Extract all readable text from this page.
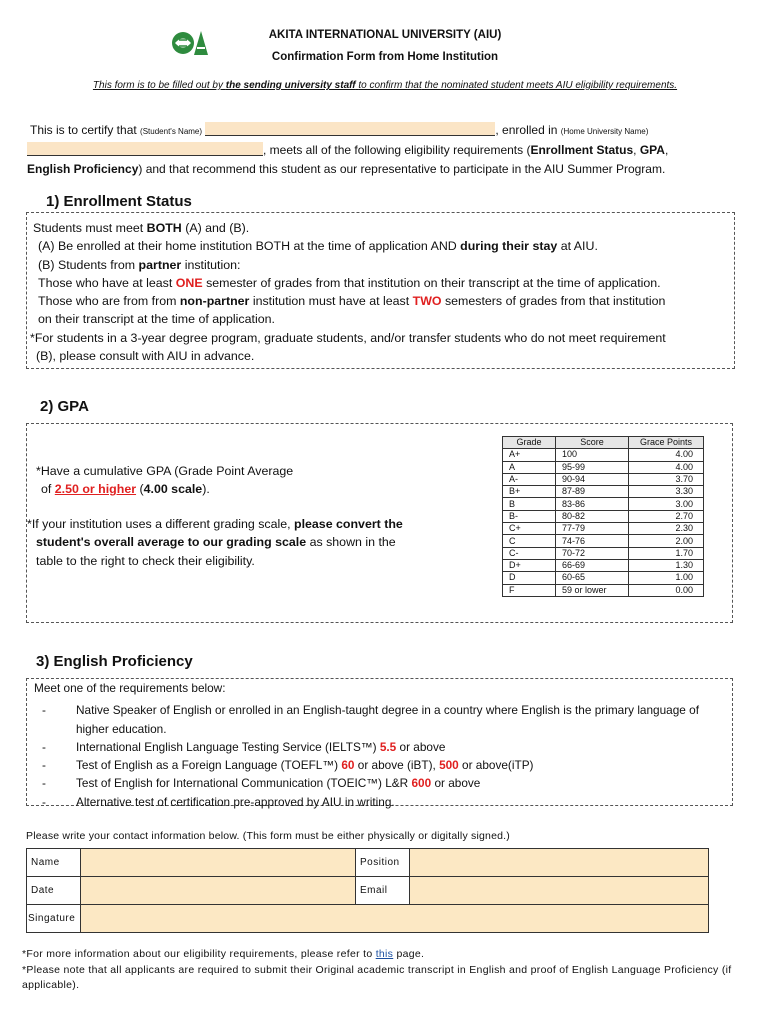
AKITA INTERNATIONAL UNIVERSITY (AIU)
Confirmation Form from Home Institution
This form is to be filled out by the sending university staff to confirm that the nominated student meets AIU eligibility requirements.
This is to certify that (Student's Name)	, enrolled in (Home University Name)
, meets all of the following eligibility requirements (Enrollment Status, GPA,
English Proficiency) and that recommend this student as our representative to participate in the AIU Summer Program.
1) Enrollment Status
Students must meet BOTH (A) and (B).
(A) Be enrolled at their home institution BOTH at the time of application AND during their stay at AIU.
(B) Students from partner institution:
Those who have at least ONE semester of grades from that institution on their transcript at the time of application.
Those who are from from non-partner institution must have at least TWO semesters of grades from that institution
on their transcript at the time of application.
*For students in a 3-year degree program, graduate students, and/or transfer students who do not meet requirement
(B), please consult with AIU in advance.
2) GPA
*Have a cumulative GPA (Grade Point Average
of 2.50 or higher (4.00 scale).
*If your institution uses a different grading scale, please convert the
student's overall average to our grading scale as shown in the
table to the right to check their eligibility.
Grade	Score	Grace Points
A+	100	4.00
A	95-99	4.00
A-	90-94	3.70
B+	87-89	3.30
B	83-86	3.00
B-	80-82	2.70
C+	77-79	2.30
C	74-76	2.00
C-	70-72	1.70
D+	66-69	1.30
D	60-65	1.00
F	59 or lower	0.00
3) English Proficiency
Meet one of the requirements below:
-	Native Speaker of English or enrolled in an English-taught degree in a country where English is the primary language of higher education.
-	International English Language Testing Service (IELTS™) 5.5 or above
-	Test of English as a Foreign Language (TOEFL™) 60 or above (iBT), 500 or above(iTP)
-	Test of English for International Communication (TOEIC™) L&R 600 or above
-	Alternative test of certification pre-approved by AIU in writing.
Please write your contact information below. (This form must be either physically or digitally signed.)
Name		Position	
Date		Email	
Singature			
*For more information about our eligibility requirements, please refer to this page.
*Please note that all applicants are required to submit their Original academic transcript in English and proof of English Language Proficiency (if applicable).
